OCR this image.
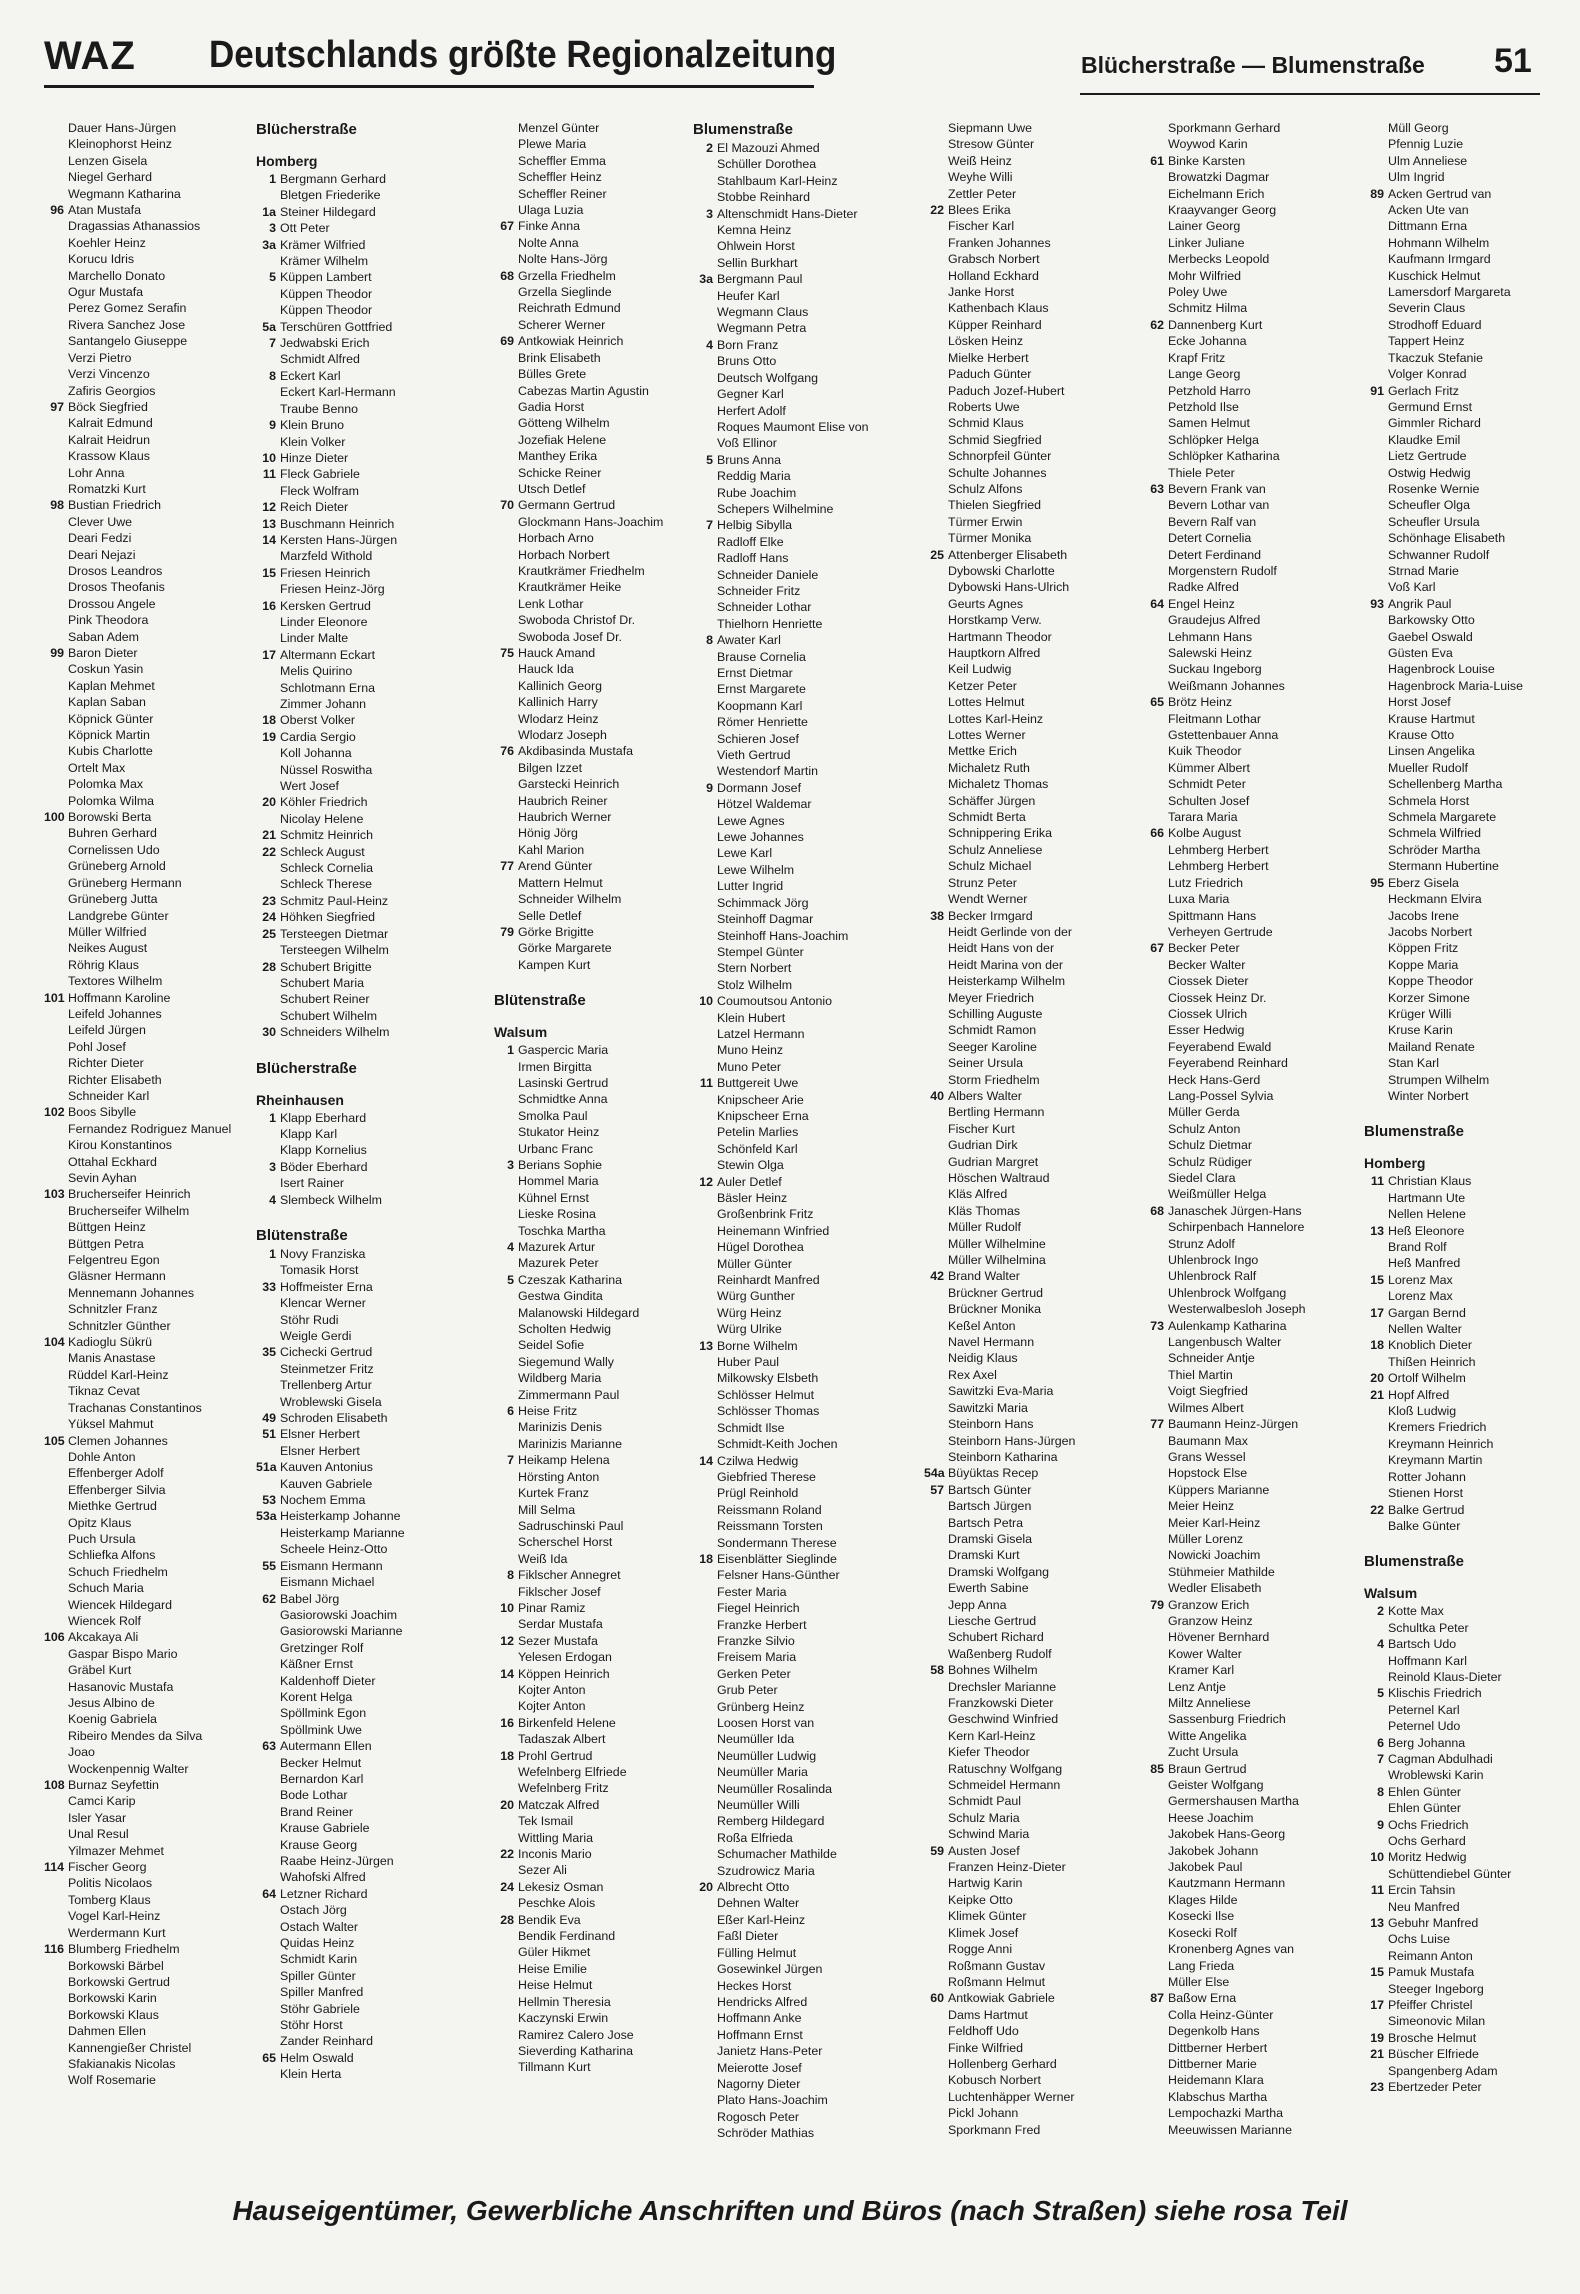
WAZ Deutschlands größte Regionalzeitung	Blücherstraße — Blumenstraße 51
Dauer Hans-Jürgen
Kleinophorst Heinz
Lenzen Gisela
Niegel Gerhard
Wegmann Katharina
96 Atan Mustafa
Dragassias Athanassios
Koehler Heinz
Korucu Idris
Marchello Donato
Ogur Mustafa
Perez Gomez Serafin
Rivera Sanchez Jose
Santangelo Giuseppe
Verzi Pietro
Verzi Vincenzo
Zafiris Georgios
97 Böck Siegfried
Kalrait Edmund
Kalrait Heidrun
Krassow Klaus
Lohr Anna
Romatzki Kurt
98 Bustian Friedrich
Clever Uwe
Deari Fedzi
Deari Nejazi
Drosos Leandros
Drosos Theofanis
Drossou Angele
Pink Theodora
Saban Adem
99 Baron Dieter
Coskun Yasin
Kaplan Mehmet
Kaplan Saban
Köpnick Günter
Köpnick Martin
Kubis Charlotte
Ortelt Max
Polomka Max
Polomka Wilma
100 Borowski Berta
Buhren Gerhard
Cornelissen Udo
Grüneberg Arnold
Grüneberg Hermann
Grüneberg Jutta
Landgrebe Günter
Müller Wilfried
Neikes August
Röhrig Klaus
Textores Wilhelm
101 Hoffmann Karoline
Leifeld Johannes
Leifeld Jürgen
Pohl Josef
Richter Dieter
Richter Elisabeth
Schneider Karl
102 Boos Sibylle
Fernandez Rodriguez Manuel
Kirou Konstantinos
Ottahal Eckhard
Sevin Ayhan
103 Brucherseifer Heinrich
Brucherseifer Wilhelm
Büttgen Heinz
Büttgen Petra
Felgentreu Egon
Gläsner Hermann
Mennemann Johannes
Schnitzler Franz
Schnitzler Günther
104 Kadioglu Sükrü
Manis Anastase
Rüddel Karl-Heinz
Tiknaz Cevat
Trachanas Constantinos
Yüksel Mahmut
105 Clemen Johannes
Dohle Anton
Effenberger Adolf
Effenberger Silvia
Miethke Gertrud
Opitz Klaus
Puch Ursula
Schliefka Alfons
Schuch Friedhelm
Schuch Maria
Wiencek Hildegard
Wiencek Rolf
106 Akcakaya Ali
Gaspar Bispo Mario
Gräbel Kurt
Hasanovic Mustafa
Jesus Albino de
Koenig Gabriela
Ribeiro Mendes da Silva
Joao
Wockenpennig Walter
108 Burnaz Seyfettin
Camci Karip
Isler Yasar
Unal Resul
Yilmazer Mehmet
114 Fischer Georg
Politis Nicolaos
Tomberg Klaus
Vogel Karl-Heinz
Werdermann Kurt
116 Blumberg Friedhelm
Borkowski Bärbel
Borkowski Gertrud
Borkowski Karin
Borkowski Klaus
Dahmen Ellen
Kannengießer Christel
Sfakianakis Nicolas
Wolf Rosemarie
Blücherstraße
Homberg
1 Bergmann Gerhard
Bletgen Friederike
1a Steiner Hildegard
3 Ott Peter
3a Krämer Wilfried
Krämer Wilhelm
5 Küppen Lambert
Küppen Theodor
Küppen Theodor
5a Terschüren Gottfried
7 Jedwabski Erich
Schmidt Alfred
8 Eckert Karl
Eckert Karl-Hermann
Traube Benno
9 Klein Bruno
Klein Volker
10 Hinze Dieter
11 Fleck Gabriele
Fleck Wolfram
12 Reich Dieter
13 Buschmann Heinrich
14 Kersten Hans-Jürgen
Marzfeld Withold
15 Friesen Heinrich
Friesen Heinz-Jörg
16 Kersken Gertrud
Linder Eleonore
Linder Malte
17 Altermann Eckart
Melis Quirino
Schlotmann Erna
Zimmer Johann
18 Oberst Volker
19 Cardia Sergio
Koll Johanna
Nüssel Roswitha
Wert Josef
20 Köhler Friedrich
Nicolay Helene
21 Schmitz Heinrich
22 Schleck August
Schleck Cornelia
Schleck Therese
23 Schmitz Paul-Heinz
24 Höhken Siegfried
25 Tersteegen Dietmar
Tersteegen Wilhelm
28 Schubert Brigitte
Schubert Maria
Schubert Reiner
Schubert Wilhelm
30 Schneiders Wilhelm
Blücherstraße
Rheinhausen
1 Klapp Eberhard
Klapp Karl
Klapp Kornelius
3 Böder Eberhard
Isert Rainer
4 Slembeck Wilhelm
Blütenstraße
1 Novy Franziska
Tomasik Horst
33 Hoffmeister Erna
Klencar Werner
Stöhr Rudi
Weigle Gerdi
35 Cichecki Gertrud
Steinmetzer Fritz
Trellenberg Artur
Wroblewski Gisela
49 Schroden Elisabeth
51 Elsner Herbert
Elsner Herbert
51a Kauven Antonius
Kauven Gabriele
53 Nochem Emma
53a Heisterkamp Johanne
Heisterkamp Marianne
Scheele Heinz-Otto
55 Eismann Hermann
Eismann Michael
62 Babel Jörg
Gasiorowski Joachim
Gasiorowski Marianne
Gretzinger Rolf
Käßner Ernst
Kaldenhoff Dieter
Korent Helga
Spöllmink Egon
Spöllmink Uwe
63 Autermann Ellen
Becker Helmut
Bernardon Karl
Bode Lothar
Brand Reiner
Krause Gabriele
Krause Georg
Raabe Heinz-Jürgen
Wahofski Alfred
64 Letzner Richard
Ostach Jörg
Ostach Walter
Quidas Heinz
Schmidt Karin
Spiller Günter
Spiller Manfred
Stöhr Gabriele
Stöhr Horst
Zander Reinhard
65 Helm Oswald
Klein Herta
Menzel Günter
Plewe Maria
Scheffler Emma
Scheffler Heinz
Scheffler Reiner
Ulaga Luzia
67 Finke Anna
Nolte Anna
Nolte Hans-Jörg
68 Grzella Friedhelm
Grzella Sieglinde
Reichrath Edmund
Scherer Werner
69 Antkowiak Heinrich
Brink Elisabeth
Bülles Grete
Cabezas Martin Agustin
Gadia Horst
Götteng Wilhelm
Jozefiak Helene
Manthey Erika
Schicke Reiner
Utsch Detlef
70 Germann Gertrud
Glockmann Hans-Joachim
Horbach Arno
Horbach Norbert
Krautkrämer Friedhelm
Krautkrämer Heike
Lenk Lothar
Swoboda Christof Dr.
Swoboda Josef Dr.
75 Hauck Amand
Hauck Ida
Kallinich Georg
Kallinich Harry
Wlodarz Heinz
Wlodarz Joseph
76 Akdibasinda Mustafa
Bilgen Izzet
Garstecki Heinrich
Haubrich Reiner
Haubrich Werner
Hönig Jörg
Kahl Marion
77 Arend Günter
Mattern Helmut
Schneider Wilhelm
Selle Detlef
79 Görke Brigitte
Görke Margarete
Kampen Kurt
Blütenstraße
Walsum
1 Gaspercic Maria
Irmen Birgitta
Lasinski Gertrud
Schmidtke Anna
Smolka Paul
Stukator Heinz
Urbanc Franc
3 Berians Sophie
Hommel Maria
Kühnel Ernst
Lieske Rosina
Toschka Martha
4 Mazurek Artur
Mazurek Peter
5 Czeszak Katharina
Gestwa Gindita
Malanowski Hildegard
Scholten Hedwig
Seidel Sofie
Siegemund Wally
Wildberg Maria
Zimmermann Paul
6 Heise Fritz
Marinizis Denis
Marinizis Marianne
7 Heikamp Helena
Hörsting Anton
Kurtek Franz
Mill Selma
Sadruschinski Paul
Scherschel Horst
Weiß Ida
8 Fiklscher Annegret
Fiklscher Josef
10 Pinar Ramiz
Serdar Mustafa
12 Sezer Mustafa
Yelesen Erdogan
14 Köppen Heinrich
Kojter Anton
Kojter Anton
16 Birkenfeld Helene
Tadaszak Albert
18 Prohl Gertrud
Wefelnberg Elfriede
Wefelnberg Fritz
20 Matczak Alfred
Tek Ismail
Wittling Maria
22 Inconis Mario
Sezer Ali
24 Lekesiz Osman
Peschke Alois
28 Bendik Eva
Bendik Ferdinand
Güler Hikmet
Heise Emilie
Heise Helmut
Hellmin Theresia
Kaczynski Erwin
Ramirez Calero Jose
Sieverding Katharina
Tillmann Kurt
Blumenstraße
2 El Mazouzi Ahmed
Schüller Dorothea
Stahlbaum Karl-Heinz
Stobbe Reinhard
3 Altenschmidt Hans-Dieter
Kemna Heinz
Ohlwein Horst
Sellin Burkhart
3a Bergmann Paul
Heufer Karl
Wegmann Claus
Wegmann Petra
4 Born Franz
Bruns Otto
Deutsch Wolfgang
Gegner Karl
Herfert Adolf
Roques Maumont Elise von
Voß Ellinor
5 Bruns Anna
Reddig Maria
Rube Joachim
Schepers Wilhelmine
7 Helbig Sibylla
Radloff Elke
Radloff Hans
Schneider Daniele
Schneider Fritz
Schneider Lothar
Thielhorn Henriette
8 Awater Karl
Brause Cornelia
Ernst Dietmar
Ernst Margarete
Koopmann Karl
Römer Henriette
Schieren Josef
Vieth Gertrud
Westendorf Martin
9 Dormann Josef
Hötzel Waldemar
Lewe Agnes
Lewe Johannes
Lewe Karl
Lewe Wilhelm
Lutter Ingrid
Schimmack Jörg
Steinhoff Dagmar
Steinhoff Hans-Joachim
Stempel Günter
Stern Norbert
Stolz Wilhelm
10 Coumoutsou Antonio
Klein Hubert
Latzel Hermann
Muno Heinz
Muno Peter
11 Buttgereit Uwe
Knipscheer Arie
Knipscheer Erna
Petelin Marlies
Schönfeld Karl
Stewin Olga
12 Auler Detlef
Bäsler Heinz
Großenbrink Fritz
Heinemann Winfried
Hügel Dorothea
Müller Günter
Reinhardt Manfred
Würg Gunther
Würg Heinz
Würg Ulrike
13 Borne Wilhelm
Huber Paul
Milkowsky Elsbeth
Schlösser Helmut
Schlösser Thomas
Schmidt Ilse
Schmidt-Keith Jochen
14 Czilwa Hedwig
Giebfried Therese
Prügl Reinhold
Reissmann Roland
Reissmann Torsten
Sondermann Therese
18 Eisenblätter Sieglinde
Felsner Hans-Günther
Fester Maria
Fiegel Heinrich
Franzke Herbert
Franzke Silvio
Freisem Maria
Gerken Peter
Grub Peter
Grünberg Heinz
Loosen Horst van
Neumüller Ida
Neumüller Ludwig
Neumüller Maria
Neumüller Rosalinda
Neumüller Willi
Remberg Hildegard
Roßa Elfrieda
Schumacher Mathilde
Szudrowicz Maria
20 Albrecht Otto
Dehnen Walter
Eßer Karl-Heinz
Faßl Dieter
Fülling Helmut
Gosewinkel Jürgen
Heckes Horst
Hendricks Alfred
Hoffmann Anke
Hoffmann Ernst
Janietz Hans-Peter
Meierotte Josef
Nagorny Dieter
Plato Hans-Joachim
Rogosch Peter
Schröder Mathias
Siepmann Uwe
Stresow Günter
Weiß Heinz
Weyhe Willi
Zettler Peter
22 Blees Erika
Fischer Karl
Franken Johannes
Grabsch Norbert
Holland Eckhard
Janke Horst
Kathenbach Klaus
Küpper Reinhard
Lösken Heinz
Mielke Herbert
Paduch Günter
Paduch Jozef-Hubert
Roberts Uwe
Schmid Klaus
Schmid Siegfried
Schnorpfeil Günter
Schulte Johannes
Schulz Alfons
Thielen Siegfried
Türmer Erwin
Türmer Monika
25 Attenberger Elisabeth
Dybowski Charlotte
Dybowski Hans-Ulrich
Geurts Agnes
Horstkamp Verw.
Hartmann Theodor
Hauptkorn Alfred
Keil Ludwig
Ketzer Peter
Lottes Helmut
Lottes Karl-Heinz
Lottes Werner
Mettke Erich
Michaletz Ruth
Michaletz Thomas
Schäffer Jürgen
Schmidt Berta
Schnippering Erika
Schulz Anneliese
Schulz Michael
Strunz Peter
Wendt Werner
38 Becker Irmgard
Heidt Gerlinde von der
Heidt Hans von der
Heidt Marina von der
Heisterkamp Wilhelm
Meyer Friedrich
Schilling Auguste
Schmidt Ramon
Seeger Karoline
Seiner Ursula
Storm Friedhelm
40 Albers Walter
Bertling Hermann
Fischer Kurt
Gudrian Dirk
Gudrian Margret
Höschen Waltraud
Kläs Alfred
Kläs Thomas
Müller Rudolf
Müller Wilhelmine
Müller Wilhelmina
42 Brand Walter
Brückner Gertrud
Brückner Monika
Keßel Anton
Navel Hermann
Neidig Klaus
Rex Axel
Sawitzki Eva-Maria
Sawitzki Maria
Steinborn Hans
Steinborn Hans-Jürgen
Steinborn Katharina
54a Büyüktas Recep
57 Bartsch Günter
Bartsch Jürgen
Bartsch Petra
Dramski Gisela
Dramski Kurt
Dramski Wolfgang
Ewerth Sabine
Jepp Anna
Liesche Gertrud
Schubert Richard
Waßenberg Rudolf
58 Bohnes Wilhelm
Drechsler Marianne
Franzkowski Dieter
Geschwind Winfried
Kern Karl-Heinz
Kiefer Theodor
Ratuschny Wolfgang
Schmeidel Hermann
Schmidt Paul
Schulz Maria
Schwind Maria
59 Austen Josef
Franzen Heinz-Dieter
Hartwig Karin
Keipke Otto
Klimek Günter
Klimek Josef
Rogge Anni
Roßmann Gustav
Roßmann Helmut
60 Antkowiak Gabriele
Dams Hartmut
Feldhoff Udo
Finke Wilfried
Hollenberg Gerhard
Kobusch Norbert
Luchtenhäpper Werner
Pickl Johann
Sporkmann Fred
Sporkmann Gerhard
Woywod Karin
61 Binke Karsten
Browatzki Dagmar
Eichelmann Erich
Kraayvanger Georg
Lainer Georg
Linker Juliane
Merbecks Leopold
Mohr Wilfried
Poley Uwe
Schmitz Hilma
62 Dannenberg Kurt
Ecke Johanna
Krapf Fritz
Lange Georg
Petzhold Harro
Petzhold Ilse
Samen Helmut
Schlöpker Helga
Schlöpker Katharina
Thiele Peter
63 Bevern Frank van
Bevern Lothar van
Bevern Ralf van
Detert Cornelia
Detert Ferdinand
Morgenstern Rudolf
Radke Alfred
64 Engel Heinz
Graudejus Alfred
Lehmann Hans
Salewski Heinz
Suckau Ingeborg
Weißmann Johannes
65 Brötz Heinz
Fleitmann Lothar
Gstettenbauer Anna
Kuik Theodor
Kümmer Albert
Schmidt Peter
Schulten Josef
Tarara Maria
66 Kolbe August
Lehmberg Herbert
Lehmberg Herbert
Lutz Friedrich
Luxa Maria
Spittmann Hans
Verheyen Gertrude
67 Becker Peter
Becker Walter
Ciossek Dieter
Ciossek Heinz Dr.
Ciossek Ulrich
Esser Hedwig
Feyerabend Ewald
Feyerabend Reinhard
Heck Hans-Gerd
Lang-Possel Sylvia
Müller Gerda
Schulz Anton
Schulz Dietmar
Schulz Rüdiger
Siedel Clara
Weißmüller Helga
68 Janaschek Jürgen-Hans
Schirpenbach Hannelore
Strunz Adolf
Uhlenbrock Ingo
Uhlenbrock Ralf
Uhlenbrock Wolfgang
Westerwalbesloh Joseph
73 Aulenkamp Katharina
Langenbusch Walter
Schneider Antje
Thiel Martin
Voigt Siegfried
Wilmes Albert
77 Baumann Heinz-Jürgen
Baumann Max
Grans Wessel
Hopstock Else
Küppers Marianne
Meier Heinz
Meier Karl-Heinz
Müller Lorenz
Nowicki Joachim
Stühmeier Mathilde
Wedler Elisabeth
79 Granzow Erich
Granzow Heinz
Hövener Bernhard
Kower Walter
Kramer Karl
Lenz Antje
Miltz Anneliese
Sassenburg Friedrich
Witte Angelika
Zucht Ursula
85 Braun Gertrud
Geister Wolfgang
Germershausen Martha
Heese Joachim
Jakobek Hans-Georg
Jakobek Johann
Jakobek Paul
Kautzmann Hermann
Klages Hilde
Kosecki Ilse
Kosecki Rolf
Kronenberg Agnes van
Lang Frieda
Müller Else
87 Baßow Erna
Colla Heinz-Günter
Degenkolb Hans
Dittberner Herbert
Dittberner Marie
Heidemann Klara
Klabschus Martha
Lempochazki Martha
Meeuwissen Marianne
Müll Georg
Pfennig Luzie
Ulm Anneliese
Ulm Ingrid
89 Acken Gertrud van
Acken Ute van
Dittmann Erna
Hohmann Wilhelm
Kaufmann Irmgard
Kuschick Helmut
Lamersdorf Margareta
Severin Claus
Strodhoff Eduard
Tappert Heinz
Tkaczuk Stefanie
Volger Konrad
91 Gerlach Fritz
Germund Ernst
Gimmler Richard
Klaudke Emil
Lietz Gertrude
Ostwig Hedwig
Rosenke Wernie
Scheufler Olga
Scheufler Ursula
Schönhage Elisabeth
Schwanner Rudolf
Strnad Marie
Voß Karl
93 Angrik Paul
Barkowsky Otto
Gaebel Oswald
Güsten Eva
Hagenbrock Louise
Hagenbrock Maria-Luise
Horst Josef
Krause Hartmut
Krause Otto
Linsen Angelika
Mueller Rudolf
Schellenberg Martha
Schmela Horst
Schmela Margarete
Schmela Wilfried
Schröder Martha
Stermann Hubertine
95 Eberz Gisela
Heckmann Elvira
Jacobs Irene
Jacobs Norbert
Köppen Fritz
Koppe Maria
Koppe Theodor
Korzer Simone
Krüger Willi
Kruse Karin
Mailand Renate
Stan Karl
Strumpen Wilhelm
Winter Norbert
Blumenstraße
Homberg
11 Christian Klaus
Hartmann Ute
Nellen Helene
13 Heß Eleonore
Brand Rolf
Heß Manfred
15 Lorenz Max
Lorenz Max
17 Gargan Bernd
Nellen Walter
18 Knoblich Dieter
Thißen Heinrich
20 Ortolf Wilhelm
21 Hopf Alfred
Kloß Ludwig
Kremers Friedrich
Kreymann Heinrich
Kreymann Martin
Rotter Johann
Stienen Horst
22 Balke Gertrud
Balke Günter
Blumenstraße
Walsum
2 Kotte Max
Schultka Peter
4 Bartsch Udo
Hoffmann Karl
Reinold Klaus-Dieter
5 Klischis Friedrich
Peternel Karl
Peternel Udo
6 Berg Johanna
7 Cagman Abdulhadi
Wroblewski Karin
8 Ehlen Günter
Ehlen Günter
9 Ochs Friedrich
Ochs Gerhard
10 Moritz Hedwig
Schüttendiebel Günter
11 Ercin Tahsin
Neu Manfred
13 Gebuhr Manfred
Ochs Luise
Reimann Anton
15 Pamuk Mustafa
Steeger Ingeborg
17 Pfeiffer Christel
Simeonovic Milan
19 Brosche Helmut
21 Büscher Elfriede
Spangenberg Adam
23 Ebertzeder Peter
Hauseigentümer, Gewerbliche Anschriften und Büros (nach Straßen) siehe rosa Teil
